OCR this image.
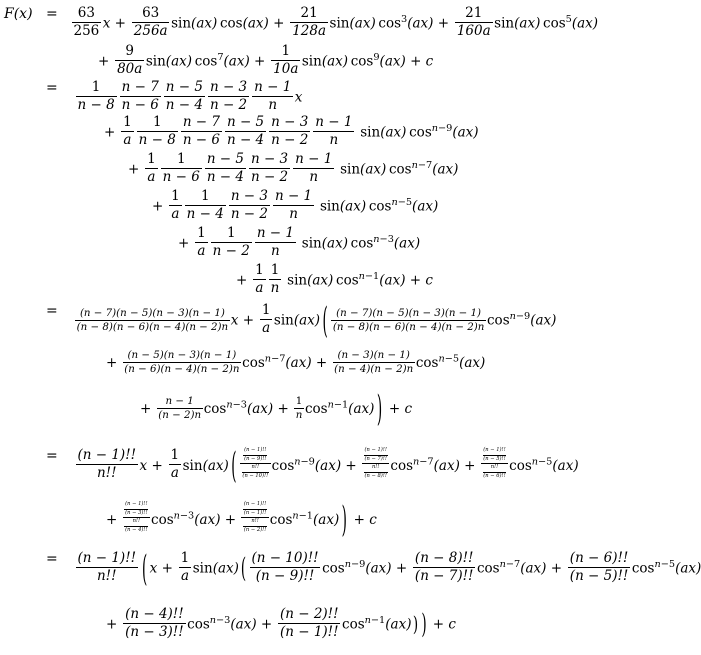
$F(x) = \frac{63}{256}$ $x + \frac{63}{256a} \sin(ax) \cos(ax) + \frac{21}{128a} \sin(ax) \cos^3(ax) + \frac{21}{160a} \sin(ax)$ $\cos^5(ax)$
+ $\frac{9}{80a} \sin(ax) \cos^7(ax) + \frac{1}{10a} \sin(ax) \cos^9(ax) + c$
= $\frac{1}{n - 8} \frac{n - 7}{n - 6} \frac{n - 5}{n - 4} \frac{n - 3}{n - 2} \frac{n - 1}{n}$ x
+ $\frac{1}{a} \frac{1}{n - 8} \frac{n - 7}{n - 6} \frac{n - 5}{n - 4} \frac{n - 3}{n - 2} \frac{n - 1}{n} \sin(ax)$ $\cos^{n-9}(ax)$
+ $\frac{1}{a} \frac{1}{n - 6} \frac{n - 5}{n - 4} \frac{n - 3}{n - 2} \frac{n - 1}{n} \sin(ax)$ $\cos^{n-7}(ax)$
+ $\frac{1}{a} \frac{1}{n - 4} \frac{n - 3}{n - 2} \frac{n - 1}{n} \sin(ax)$ $\cos^{n-5}(ax)$
+ $\frac{1}{a} \frac{1}{n - 2} \frac{n - 1}{n} \sin(ax)$ $\cos^{n-3}(ax)$
+ $\frac{1}{a} \frac{1}{n} \sin(ax) \cos^{n-1}(ax) + c$
= $\frac{(n - 7)(n - 5)(n - 3)(n - 1)}{(n - 8)(n - 6)(n - 4)(n - 2)n}$ $x + \frac{1}{a} \sin(ax)$ ( $\frac{(n - 7)(n - 5)(n - 3)(n - 1)}{(n - 8)(n - 6)(n - 4)(n - 2)n} \cos^{n-9}(ax)$
+ $\frac{(n - 5)(n - 3)(n - 1)}{(n - 6)(n - 4)(n - 2)n} \cos^{n-7}(ax) + \frac{(n - 3)(n - 1)}{(n - 4)(n - 2)n} \cos^{n-5}(ax)$
+ $\frac{n - 1}{(n - 2)n} \cos^{n-3}(ax) + \frac{1}{n} \cos^{n-1}(ax)$ ) + c
= $\frac{(n - 1)!!}{n!!}$ $x + \frac{1}{a} \sin(ax)$ ( $\frac{\frac{(n - 1)!!}{(n - 9)!!}}{\frac{n!!}{(n - 10)!!}} \cos^{n-9}(ax) + \frac{\frac{(n - 1)!!}{(n - 7)!!}}{\frac{n!!}{(n - 8)!!}} \cos^{n-7}(ax) + \frac{\frac{(n - 1)!!}{(n - 5)!!}}{\frac{n!!}{(n - 6)!!}} \cos^{n-5}(ax)$
+ $\frac{\frac{(n - 1)!!}{(n - 3)!!}}{\frac{n!!}{(n - 4)!!}} \cos^{n-3}(ax) + \frac{\frac{(n - 1)!!}{(n - 1)!!}}{\frac{n!!}{(n - 2)!!}} \cos^{n-1}(ax)$ ) + c
= $\frac{(n - 1)!!}{n!!}$ ( $x + \frac{1}{a} \sin(ax)$ ( $\frac{(n - 10)!!}{(n - 9)!!} \cos^{n-9}(ax) + \frac{(n - 8)!!}{(n - 7)!!} \cos^{n-7}(ax) + \frac{(n - 6)!!}{(n - 5)!!} \cos^{n-5}(ax)$
+ $\frac{(n - 4)!!}{(n - 3)!!} \cos^{n-3}(ax) + \frac{(n - 2)!!}{(n - 1)!!} \cos^{n-1}(ax)$) ) + c
